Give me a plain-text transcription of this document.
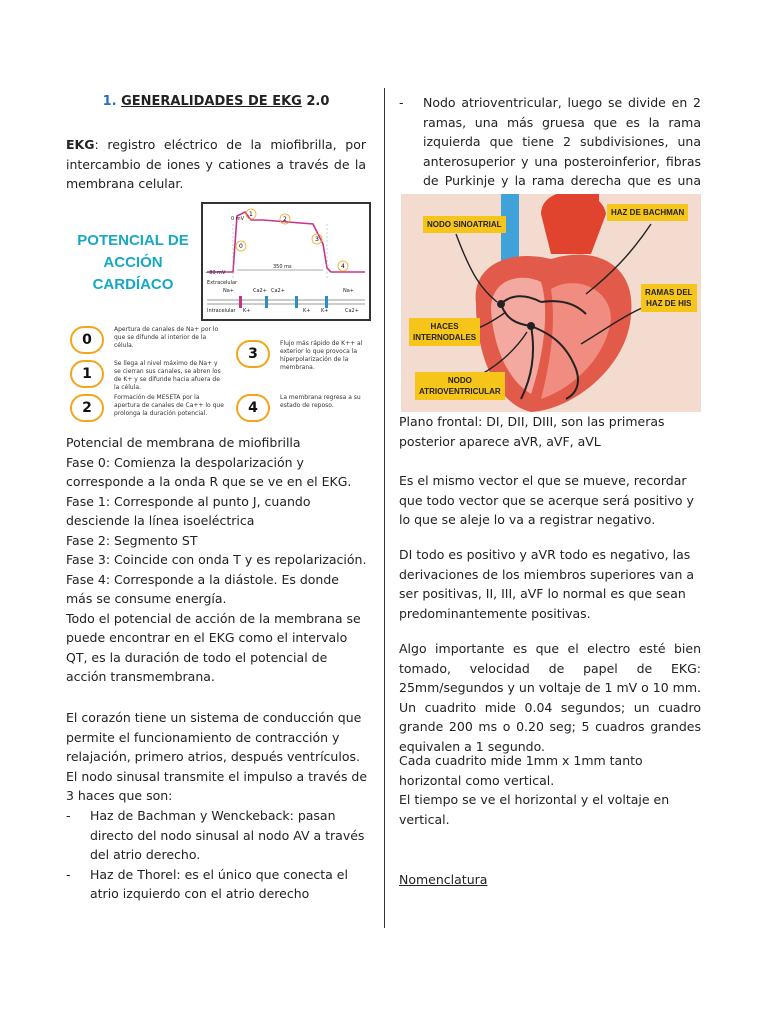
1. GENERALIDADES DE EKG 2.0

EKG: registro eléctrico de la miofibrilla, por intercambio de iones y cationes a través de la membrana celular.

POTENCIAL DE
ACCIÓN
CARDÍACO
1
2
0
3
4
0 mV
−80 mV
350 ms
Extracelular
Intracelular
Na+	Ca2+
K+
Ca2+
K+
Na+
K+	Ca2+
0
Apertura de canales de Na+ por lo que se difunde al interior de la célula.
1
Se llega al nivel máximo de Na+ y se cierran sus canales, se abren los de K+ y se difunde hacia afuera de la célula.
2
Formación de MESETA por la apertura de canales de Ca++ lo que prolonga la duración potencial.
3
Flujo más rápido de K++ al exterior lo que provoca la hiperpolarización de la membrana.
4
La membrana regresa a su estado de reposo.

Potencial de membrana de miofibrilla

Fase 0: Comienza la despolarización y corresponde a la onda R que se ve en el EKG.

Fase 1: Corresponde al punto J, cuando desciende la línea isoeléctrica

Fase 2: Segmento ST

Fase 3: Coincide con onda T y es repolarización.

Fase 4: Corresponde a la diástole. Es donde más se consume energía.

Todo el potencial de acción de la membrana se puede encontrar en el EKG como el intervalo QT, es la duración de todo el potencial de acción transmembrana.

El corazón tiene un sistema de conducción que permite el funcionamiento de contracción y relajación, primero atrios, después ventrículos. El nodo sinusal transmite el impulso a través de 3 haces que son:

- Haz de Bachman y Wenckeback: pasan directo del nodo sinusal al nodo AV a través del atrio derecho.
- Haz de Thorel: es el único que conecta el atrio izquierdo con el atrio derecho
- Nodo atrioventricular, luego se divide en 2 ramas, una más gruesa que es la rama izquierda que tiene 2 subdivisiones, una anterosuperior y una posteroinferior, fibras de Purkinje y la rama derecha que es una
NODO SINOATRIAL
HAZ DE BACHMAN
RAMAS DEL
HAZ DE HIS
HACES
INTERNODALES
NODO
ATRIOVENTRICULAR

Plano frontal: DI, DII, DIII, son las primeras posterior aparece aVR, aVF, aVL

Es el mismo vector el que se mueve, recordar que todo vector que se acerque será positivo y lo que se aleje lo va a registrar negativo.

DI todo es positivo y aVR todo es negativo, las derivaciones de los miembros superiores van a ser positivas, II, III, aVF lo normal es que sean predominantemente positivas.

Algo importante es que el electro esté bien tomado, velocidad de papel de EKG: 25mm/segundos y un voltaje de 1 mV o 10 mm. Un cuadrito mide 0.04 segundos; un cuadro grande 200 ms o 0.20 seg; 5 cuadros grandes equivalen a 1 segundo.

Cada cuadrito mide 1mm x 1mm tanto horizontal como vertical.

El tiempo se ve el horizontal y el voltaje en vertical.

Nomenclatura
